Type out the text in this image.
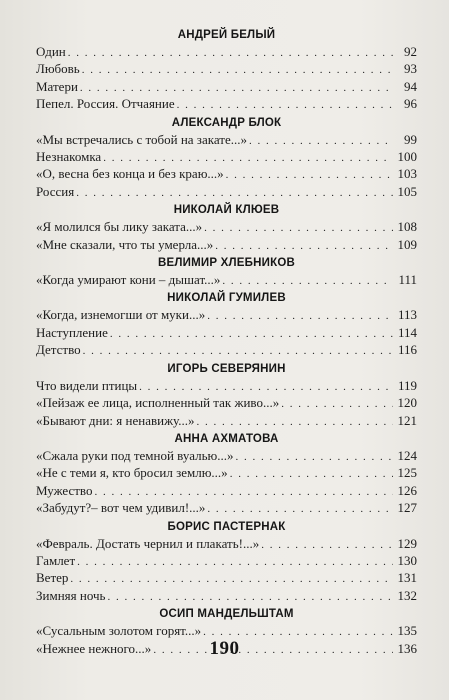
АНДРЕЙ БЕЛЫЙ
Один . . .	92
Любовь . . .	93
Матери . . .	94
Пепел. Россия. Отчаяние . . .	96
АЛЕКСАНДР БЛОК
«Мы встречались с тобой на закате...» . . .	99
Незнакомка . . .	100
«О, весна без конца и без краю...» . . .	103
Россия . . .	105
НИКОЛАЙ КЛЮЕВ
«Я молился бы лику заката...» . . .	108
«Мне сказали, что ты умерла...» . . .	109
ВЕЛИМИР ХЛЕБНИКОВ
«Когда умирают кони – дышат...» . . .	111
НИКОЛАЙ ГУМИЛЕВ
«Когда, изнемогши от муки...» . . .	113
Наступление . . .	114
Детство . . .	116
ИГОРЬ СЕВЕРЯНИН
Что видели птицы . . .	119
«Пейзаж ее лица, исполненный так живо...» . . .	120
«Бывают дни: я ненавижу...» . . .	121
АННА АХМАТОВА
«Сжала руки под темной вуалью...» . . .	124
«Не с теми я, кто бросил землю...» . . .	125
Мужество . . .	126
«Забудут?– вот чем удивил!...» . . .	127
БОРИС ПАСТЕРНАК
«Февраль. Достать чернил и плакать!...» . . .	129
Гамлет . . .	130
Ветер . . .	131
Зимняя ночь . . .	132
ОСИП МАНДЕЛЬШТАМ
«Сусальным золотом горят...» . . .	135
«Нежнее нежного...» . . .	136
190
